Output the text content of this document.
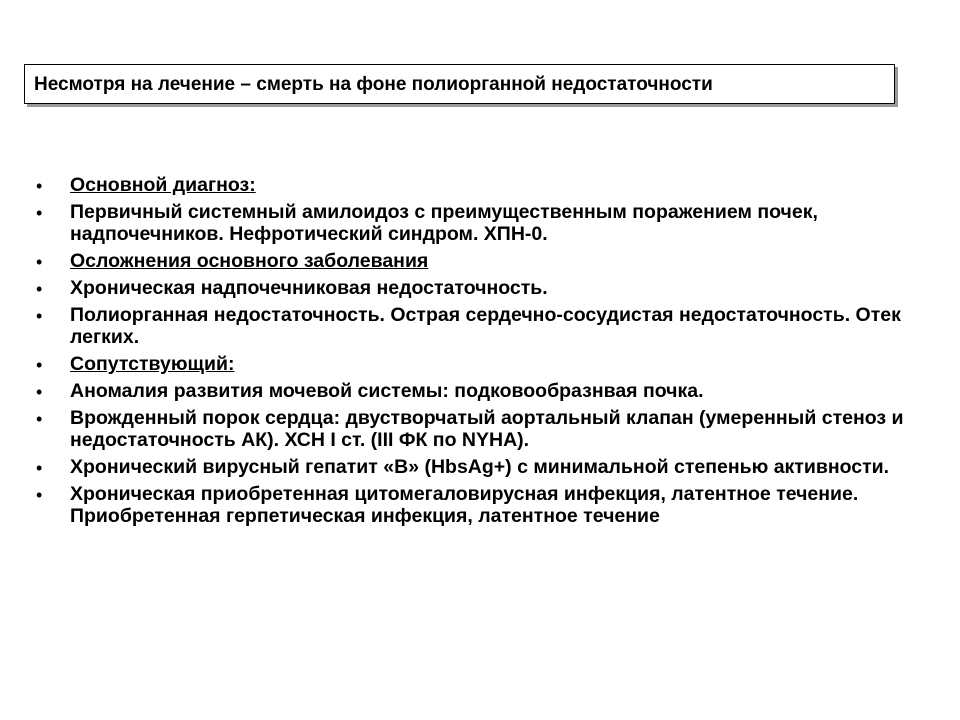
Несмотря на лечение – смерть на фоне полиорганной недостаточности
• Основной диагноз:
• Первичный системный амилоидоз с преимущественным поражением почек, надпочечников. Нефротический синдром. ХПН-0.
• Осложнения основного заболевания
• Хроническая надпочечниковая недостаточность.
• Полиорганная недостаточность. Острая сердечно-сосудистая недостаточность. Отек легких.
• Сопутствующий:
• Аномалия развития мочевой системы: подковообразнвая почка.
• Врожденный порок сердца: двустворчатый аортальный клапан (умеренный стеноз и недостаточность АК). ХСН I ст. (III ФК по NYHA).
• Хронический вирусный гепатит «В» (HbsAg+) с минимальной степенью активности.
• Хроническая приобретенная цитомегаловирусная инфекция, латентное течение. Приобретенная герпетическая инфекция, латентное течение
